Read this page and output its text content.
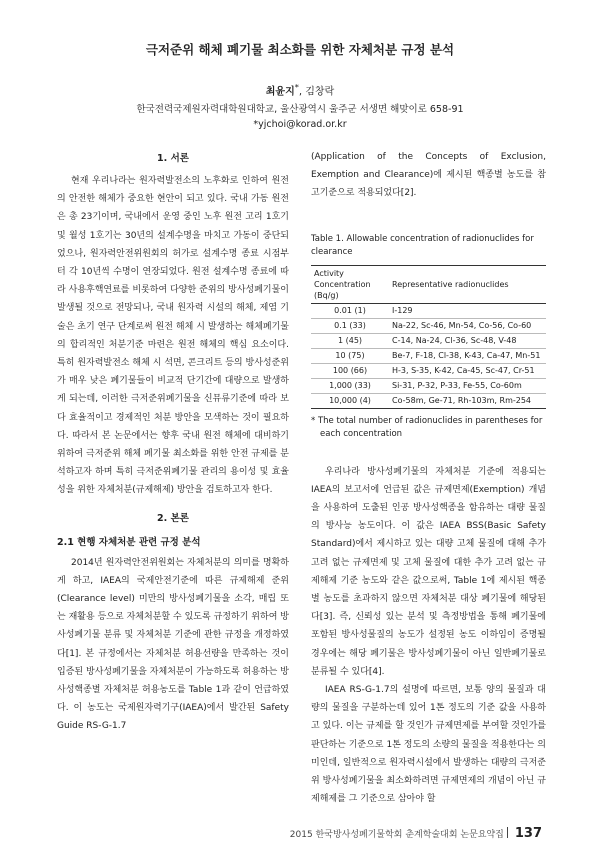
극저준위 해체 폐기물 최소화를 위한 자체처분 규정 분석
최윤지*, 김창락
한국전력국제원자력대학원대학교, 울산광역시 울주군 서생면 해맞이로 658-91
*yjchoi@korad.or.kr
1. 서론

현재 우리나라는 원자력발전소의 노후화로 인하여 원전의 안전한 해체가 중요한 현안이 되고 있다. 국내 가동 원전은 총 23기이며, 국내에서 운영 중인 노후 원전 고리 1호기 및 월성 1호기는 30년의 설계수명을 마치고 가동이 중단되었으나, 원자력안전위원회의 허가로 설계수명 종료 시점부터 각 10년씩 수명이 연장되었다. 원전 설계수명 종료에 따라 사용후핵연료를 비롯하여 다양한 준위의 방사성폐기물이 발생될 것으로 전망되나, 국내 원자력 시설의 해체, 제염 기술은 초기 연구 단계로써 원전 해체 시 발생하는 해체폐기물의 합리적인 처분기준 마련은 원전 해체의 핵심 요소이다. 특히 원자력발전소 해체 시 석면, 콘크리트 등의 방사성준위가 매우 낮은 폐기물들이 비교적 단기간에 대량으로 발생하게 되는데, 이러한 극저준위폐기물을 신뮤류기준에 따라 보다 효율적이고 경제적인 처분 방안을 모색하는 것이 필요하다. 따라서 본 논문에서는 향후 국내 원전 해체에 대비하기 위하여 극저준위 해체 폐기물 최소화를 위한 안전 규제를 분석하고자 하며 특히 극저준위폐기물 관리의 용이성 및 효율성을 위한 자체처분(규제해제) 방안을 검토하고자 한다.

2. 본론
2.1 현행 자체처분 관련 규정 분석

2014년 원자력안전위원회는 자체처분의 의미를 명확하게 하고, IAEA의 국제안전기준에 따른 규제해제 준위(Clearance level) 미만의 방사성폐기물을 소각, 매립 또는 재활용 등으로 자체처분할 수 있도록 규정하기 위하여 방사성폐기물 분류 및 자체처분 기준에 관한 규정을 개정하였다[1]. 본 규정에서는 자체처분 허용선량을 만족하는 것이 입증된 방사성폐기물을 자체처분이 가능하도록 허용하는 방사성핵종별 자체처분 허용농도를 Table 1과 같이 언급하였다. 이 농도는 국제원자력기구(IAEA)에서 발간된 Safety Guide RS-G-1.7

(Application of the Concepts of Exclusion, Exemption and Clearance)에 제시된 핵종별 농도를 참고기준으로 적용되었다[2].

Table 1. Allowable concentration of radionuclides for clearance
Activity Concentration (Bq/g)	Representative radionuclides
0.01 (1)	I-129
0.1 (33)	Na-22, Sc-46, Mn-54, Co-56, Co-60
1 (45)	C-14, Na-24, Cl-36, Sc-48, V-48
10 (75)	Be-7, F-18, Cl-38, K-43, Ca-47, Mn-51
100 (66)	H-3, S-35, K-42, Ca-45, Sc-47, Cr-51
1,000 (33)	Si-31, P-32, P-33, Fe-55, Co-60m
10,000 (4)	Co-58m, Ge-71, Rh-103m, Rm-254
* The total number of radionuclides in parentheses for each concentration

우리나라 방사성폐기물의 자체처분 기준에 적용되는 IAEA의 보고서에 언급된 값은 규제면제(Exemption) 개념을 사용하여 도출된 인공 방사성핵종을 함유하는 대량 물질의 방사능 농도이다. 이 값은 IAEA BSS(Basic Safety Standard)에서 제시하고 있는 대량 고체 물질에 대해 추가 고려 없는 규제면제 및 고체 물질에 대한 추가 고려 없는 규제해제 기준 농도와 같은 값으로써, Table 1에 제시된 핵종별 농도를 초과하지 않으면 자체처분 대상 폐기물에 해당된다[3]. 즉, 신뢰성 있는 분석 및 측정방법을 통해 폐기물에 포함된 방사성물질의 농도가 설정된 농도 이하임이 증명될 경우에는 해당 폐기물은 방사성폐기물이 아닌 일반폐기물로 분류될 수 있다[4].

IAEA RS-G-1.7의 설명에 따르면, 보통 양의 물질과 대량의 물질을 구분하는데 있어 1톤 정도의 기준 값을 사용하고 있다. 이는 규제를 할 것인가 규제면제를 부여할 것인가를 판단하는 기준으로 1톤 정도의 소량의 물질을 적용한다는 의미인데, 일반적으로 원자력시설에서 발생하는 대량의 극저준위 방사성폐기물을 최소화하려면 규제면제의 개념이 아닌 규제해제를 그 기준으로 삼아야 할

2015 한국방사성폐기물학회 춘계학술대회 논문요약집 137
